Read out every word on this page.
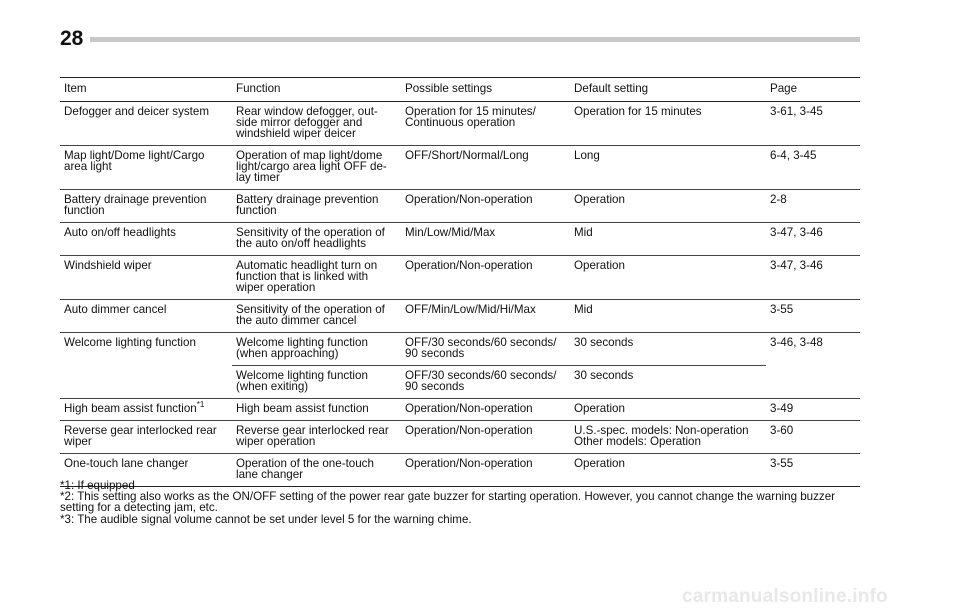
28
Item	Function	Possible settings	Default setting	Page
Defogger and deicer system	Rear window defogger, out-
side mirror defogger and
windshield wiper deicer	Operation for 15 minutes/
Continuous operation	Operation for 15 minutes	3-61, 3-45
Map light/Dome light/Cargo
area light	Operation of map light/dome
light/cargo area light OFF de-
lay timer	OFF/Short/Normal/Long	Long	6-4, 3-45
Battery drainage prevention
function	Battery drainage prevention
function	Operation/Non-operation	Operation	2-8
Auto on/off headlights	Sensitivity of the operation of
the auto on/off headlights	Min/Low/Mid/Max	Mid	3-47, 3-46
Windshield wiper	Automatic headlight turn on
function that is linked with
wiper operation	Operation/Non-operation	Operation	3-47, 3-46
Auto dimmer cancel	Sensitivity of the operation of
the auto dimmer cancel	OFF/Min/Low/Mid/Hi/Max	Mid	3-55
Welcome lighting function	Welcome lighting function
(when approaching)	OFF/30 seconds/60 seconds/
90 seconds	30 seconds	3-46, 3-48
	Welcome lighting function
(when exiting)	OFF/30 seconds/60 seconds/
90 seconds	30 seconds	
High beam assist function$^{*1}$	High beam assist function	Operation/Non-operation	Operation	3-49
Reverse gear interlocked rear
wiper	Reverse gear interlocked rear
wiper operation	Operation/Non-operation	U.S.-spec. models: Non-operation
Other models: Operation	3-60
One-touch lane changer	Operation of the one-touch
lane changer	Operation/Non-operation	Operation	3-55

*1: If equipped

*2: This setting also works as the ON/OFF setting of the power rear gate buzzer for starting operation. However, you cannot change the warning buzzer setting for a detecting jam, etc.

*3: The audible signal volume cannot be set under level 5 for the warning chime.

carmanualsonline.info
